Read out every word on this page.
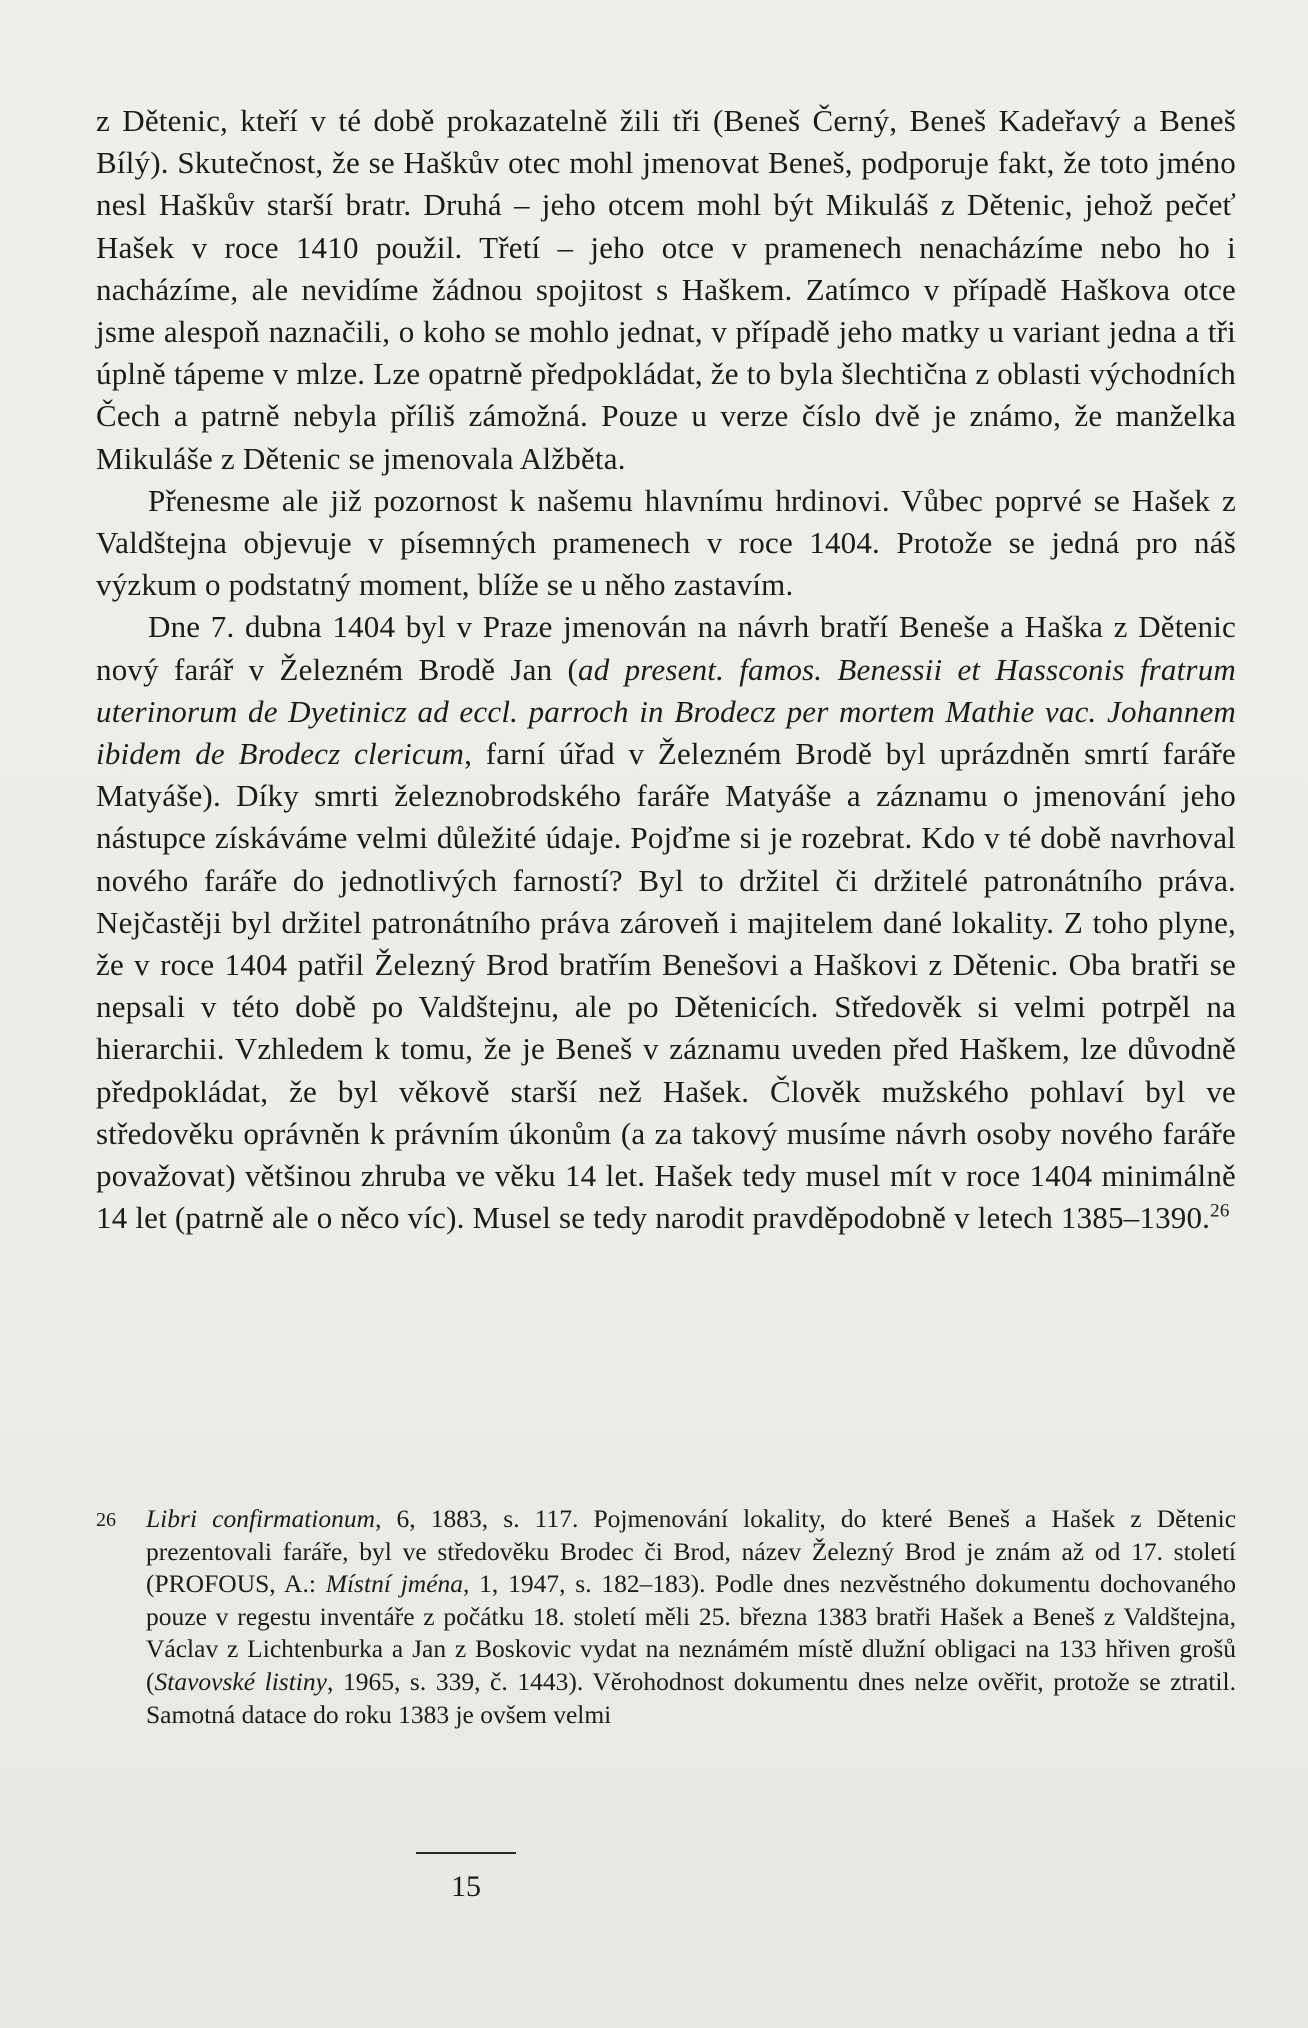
z Dětenic, kteří v té době prokazatelně žili tři (Beneš Černý, Beneš Kadeřavý a Beneš Bílý). Skutečnost, že se Haškův otec mohl jmenovat Beneš, podporuje fakt, že toto jméno nesl Haškův starší bratr. Druhá – jeho otcem mohl být Mikuláš z Dětenic, jehož pečeť Hašek v roce 1410 použil. Třetí – jeho otce v pramenech nenacházíme nebo ho i nacházíme, ale nevidíme žádnou spojitost s Haškem. Zatímco v případě Haškova otce jsme alespoň naznačili, o koho se mohlo jednat, v případě jeho matky u variant jedna a tři úplně tápeme v mlze. Lze opatrně předpokládat, že to byla šlechtična z oblasti východních Čech a patrně nebyla příliš zámožná. Pouze u verze číslo dvě je známo, že manželka Mikuláše z Dětenic se jmenovala Alžběta.

Přenesme ale již pozornost k našemu hlavnímu hrdinovi. Vůbec poprvé se Hašek z Valdštejna objevuje v písemných pramenech v roce 1404. Protože se jedná pro náš výzkum o podstatný moment, blíže se u něho zastavím.

Dne 7. dubna 1404 byl v Praze jmenován na návrh bratří Beneše a Haška z Dětenic nový farář v Železném Brodě Jan (ad present. famos. Benessii et Hassconis fratrum uterinorum de Dyetinicz ad eccl. parroch in Brodecz per mortem Mathie vac. Johannem ibidem de Brodecz clericum, farní úřad v Železném Brodě byl uprázdněn smrtí faráře Matyáše). Díky smrti železnobrodského faráře Matyáše a záznamu o jmenování jeho nástupce získáváme velmi důležité údaje. Pojďme si je rozebrat. Kdo v té době navrhoval nového faráře do jednotlivých farností? Byl to držitel či držitelé patronátního práva. Nejčastěji byl držitel patronátního práva zároveň i majitelem dané lokality. Z toho plyne, že v roce 1404 patřil Železný Brod bratřím Benešovi a Haškovi z Dětenic. Oba bratři se nepsali v této době po Valdštejnu, ale po Dětenicích. Středověk si velmi potrpěl na hierarchii. Vzhledem k tomu, že je Beneš v záznamu uveden před Haškem, lze důvodně předpokládat, že byl věkově starší než Hašek. Člověk mužského pohlaví byl ve středověku oprávněn k právním úkonům (a za takový musíme návrh osoby nového faráře považovat) většinou zhruba ve věku 14 let. Hašek tedy musel mít v roce 1404 minimálně 14 let (patrně ale o něco víc). Musel se tedy narodit pravděpodobně v letech 1385–1390.26

26 Libri confirmationum, 6, 1883, s. 117. Pojmenování lokality, do které Beneš a Hašek z Dětenic prezentovali faráře, byl ve středověku Brodec či Brod, název Železný Brod je znám až od 17. století (PROFOUS, A.: Místní jména, 1, 1947, s. 182–183). Podle dnes nezvěstného dokumentu dochovaného pouze v regestu inventáře z počátku 18. století měli 25. března 1383 bratři Hašek a Beneš z Valdštejna, Václav z Lichtenburka a Jan z Boskovic vydat na neznámém místě dlužní obligaci na 133 hřiven grošů (Stavovské listiny, 1965, s. 339, č. 1443). Věrohodnost dokumentu dnes nelze ověřit, protože se ztratil. Samotná datace do roku 1383 je ovšem velmi

15
